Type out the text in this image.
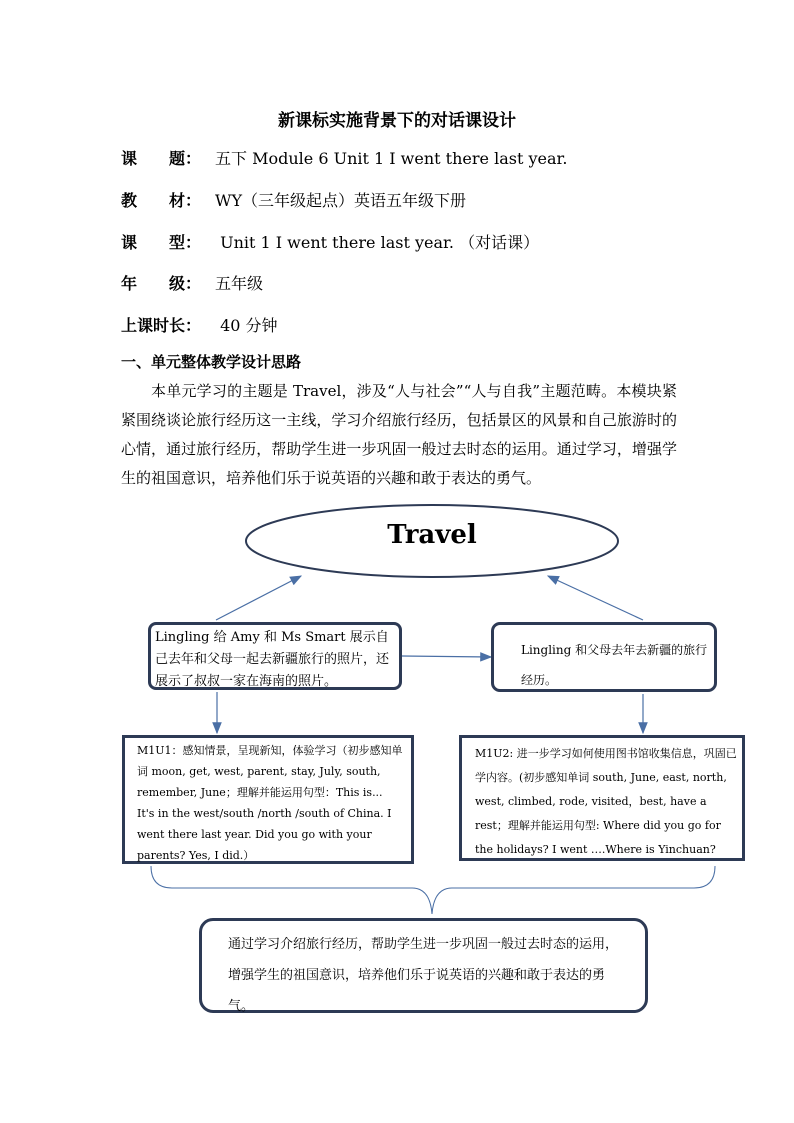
新课标实施背景下的对话课设计
课　　题： 五下 Module 6 Unit 1 I went there last year.
教　　材： WY（三年级起点）英语五年级下册
课　　型： Unit 1 I went there last year. （对话课）
年　　级： 五年级
上课时长： 40 分钟
一、单元整体教学设计思路
本单元学习的主题是 Travel，涉及“人与社会”“人与自我”主题范畴。本模块紧紧围绕谈论旅行经历这一主线，学习介绍旅行经历，包括景区的风景和自己旅游时的心情，通过旅行经历，帮助学生进一步巩固一般过去时态的运用。通过学习，增强学生的祖国意识，培养他们乐于说英语的兴趣和敢于表达的勇气。
Travel
Lingling 给 Amy 和 Ms Smart 展示自己去年和父母一起去新疆旅行的照片，还展示了叔叔一家在海南的照片。
Lingling 和父母去年去新疆的旅行经历。
M1U1：感知情景，呈现新知，体验学习（初步感知单词 moon, get, west, parent, stay, July, south, remember, June；理解并能运用句型：This is... It's in the west/south /north /south of China. I went there last year. Did you go with your parents? Yes, I did.）
M1U2: 进一步学习如何使用图书馆收集信息，巩固已学内容。(初步感知单词 south, June, east, north, west, climbed, rode, visited，best, have a rest；理解并能运用句型: Where did you go for the holidays? I went ….Where is Yinchuan?
通过学习介绍旅行经历，帮助学生进一步巩固一般过去时态的运用，增强学生的祖国意识，培养他们乐于说英语的兴趣和敢于表达的勇气。
